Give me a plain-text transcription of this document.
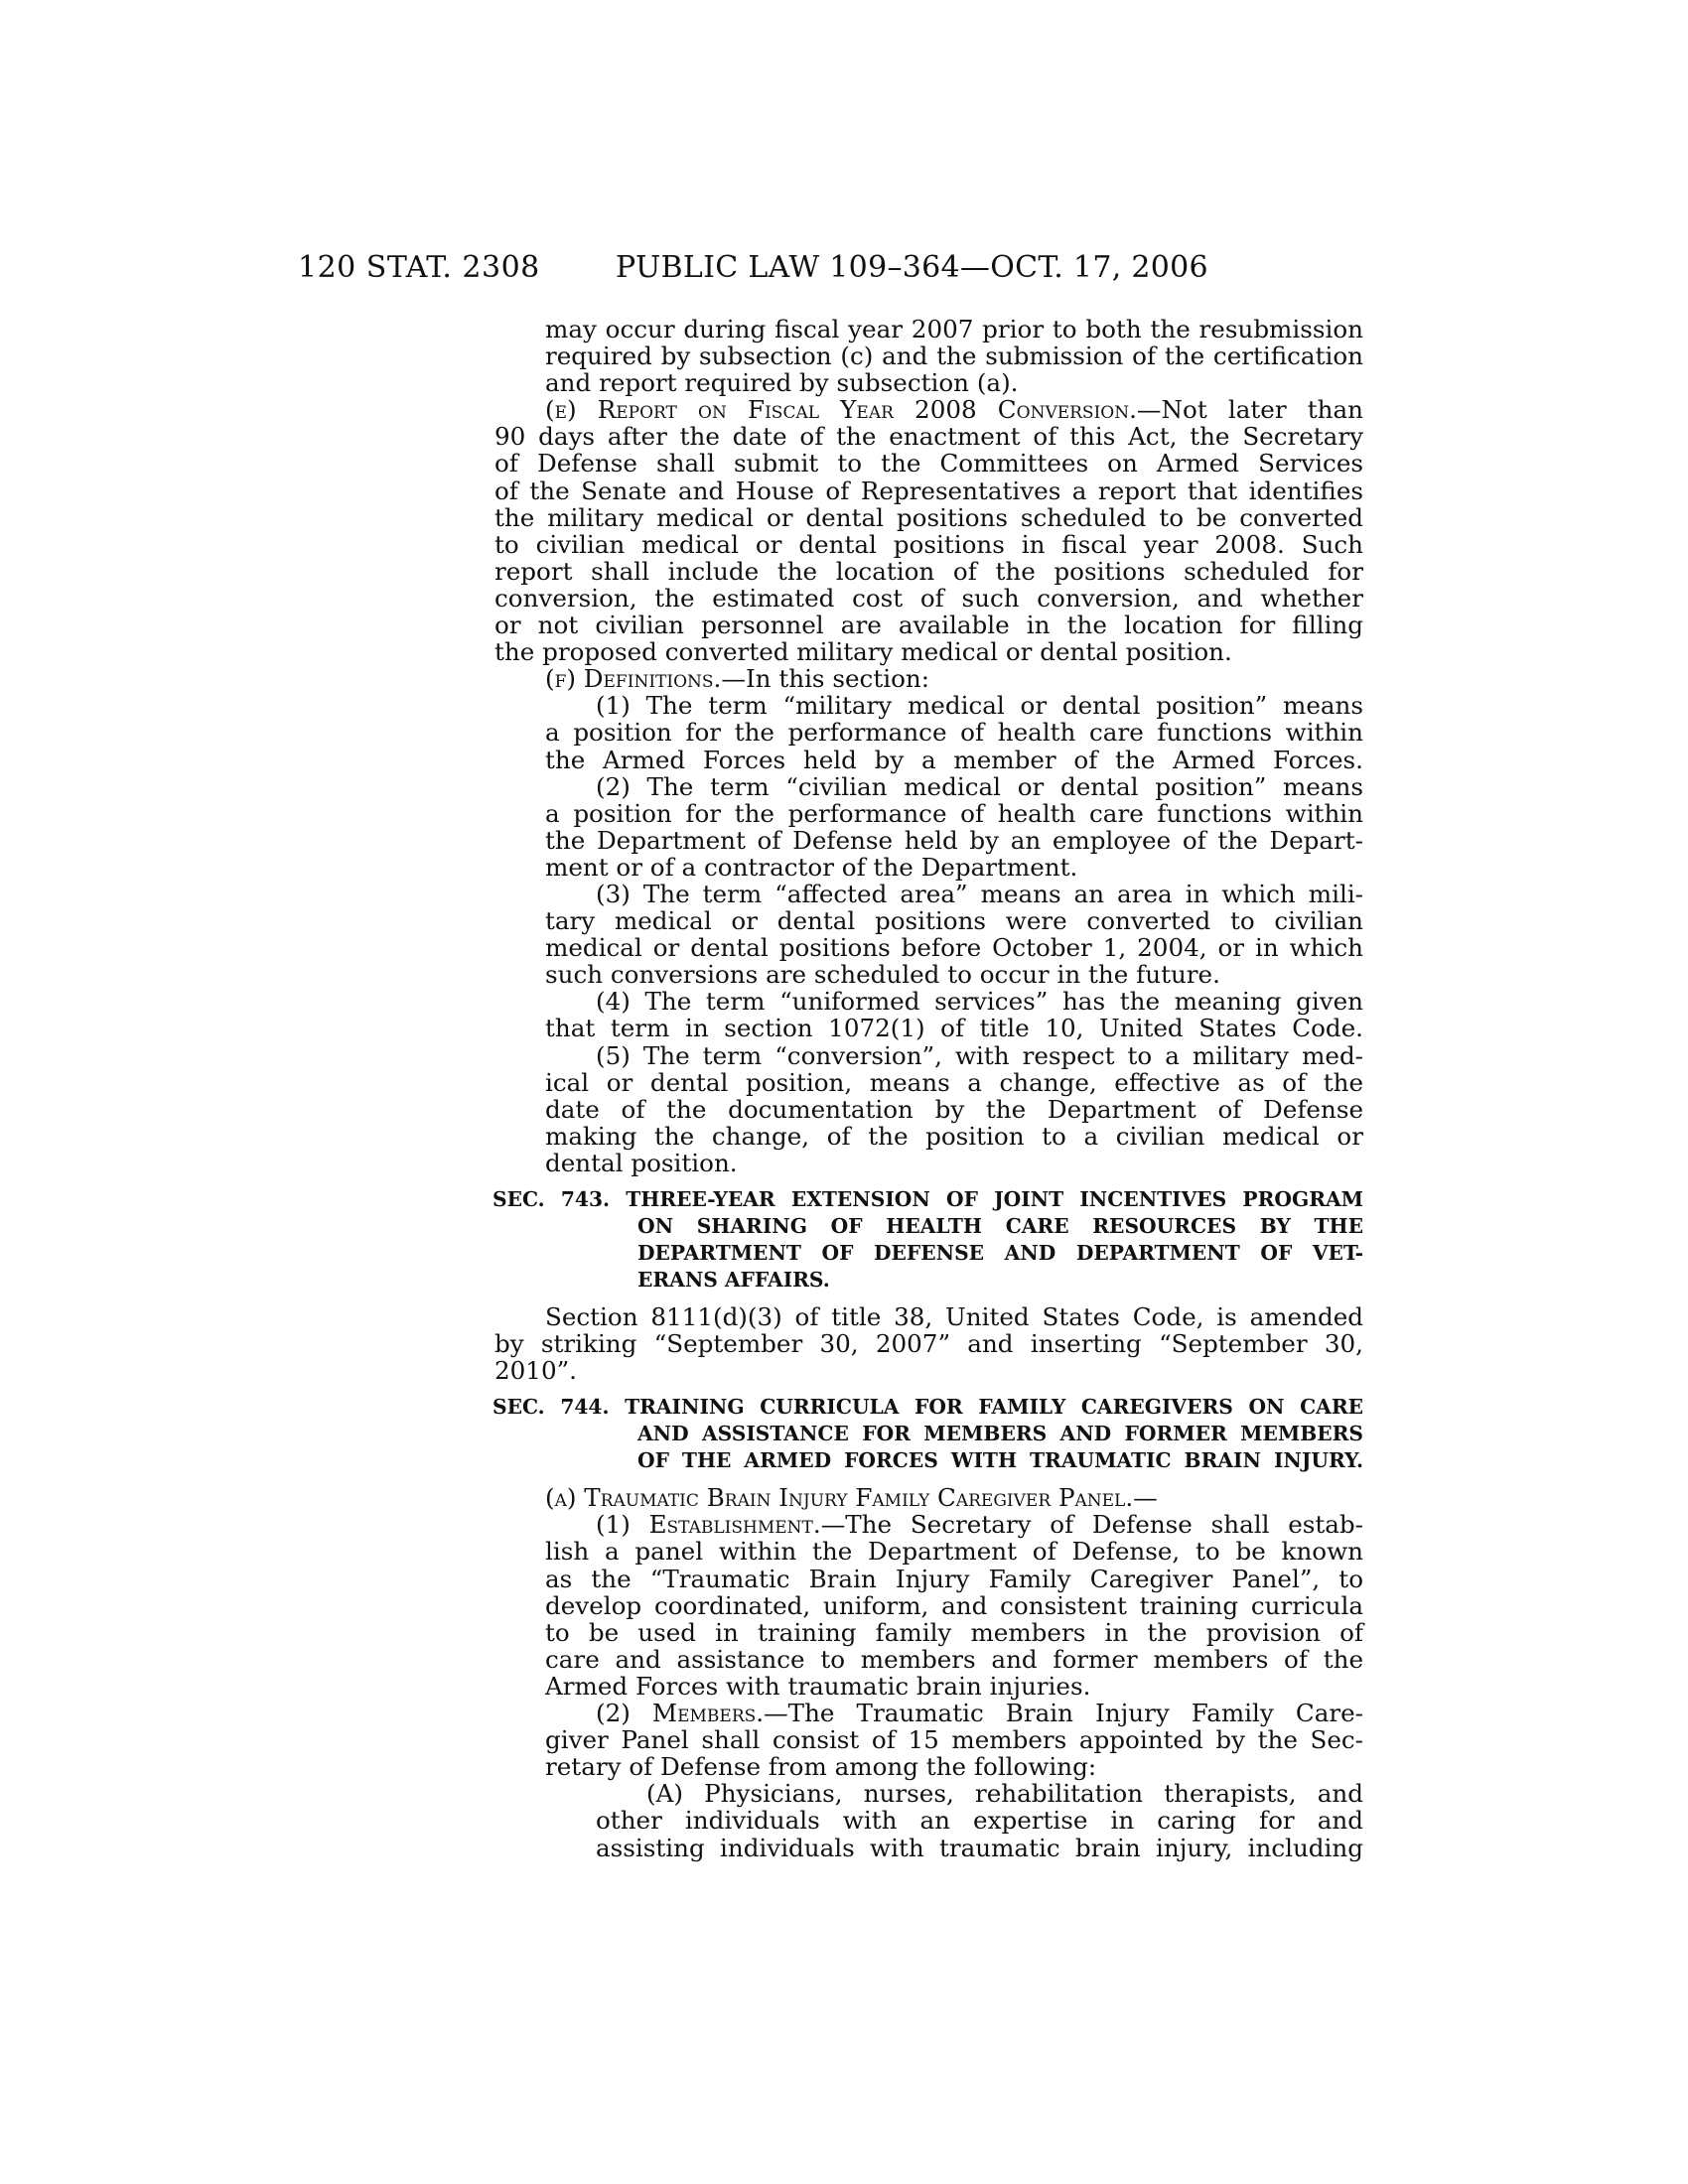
120 STAT. 2308	PUBLIC LAW 109–364—OCT. 17, 2006
may occur during fiscal year 2007 prior to both the resubmission
required by subsection (c) and the submission of the certification
and report required by subsection (a).
(e) Report on Fiscal Year 2008 Conversion.—Not later than
90 days after the date of the enactment of this Act, the Secretary
of Defense shall submit to the Committees on Armed Services
of the Senate and House of Representatives a report that identifies
the military medical or dental positions scheduled to be converted
to civilian medical or dental positions in fiscal year 2008. Such
report shall include the location of the positions scheduled for
conversion, the estimated cost of such conversion, and whether
or not civilian personnel are available in the location for filling
the proposed converted military medical or dental position.
(f) Definitions.—In this section:
(1) The term “military medical or dental position” means
a position for the performance of health care functions within
the Armed Forces held by a member of the Armed Forces.
(2) The term “civilian medical or dental position” means
a position for the performance of health care functions within
the Department of Defense held by an employee of the Depart-
ment or of a contractor of the Department.
(3) The term “affected area” means an area in which mili-
tary medical or dental positions were converted to civilian
medical or dental positions before October 1, 2004, or in which
such conversions are scheduled to occur in the future.
(4) The term “uniformed services” has the meaning given
that term in section 1072(1) of title 10, United States Code.
(5) The term “conversion”, with respect to a military med-
ical or dental position, means a change, effective as of the
date of the documentation by the Department of Defense
making the change, of the position to a civilian medical or
dental position.
SEC. 743. THREE-YEAR EXTENSION OF JOINT INCENTIVES PROGRAM
ON SHARING OF HEALTH CARE RESOURCES BY THE
DEPARTMENT OF DEFENSE AND DEPARTMENT OF VET-
ERANS AFFAIRS.
Section 8111(d)(3) of title 38, United States Code, is amended
by striking “September 30, 2007” and inserting “September 30,
2010”.
SEC. 744. TRAINING CURRICULA FOR FAMILY CAREGIVERS ON CARE
AND ASSISTANCE FOR MEMBERS AND FORMER MEMBERS
OF THE ARMED FORCES WITH TRAUMATIC BRAIN INJURY.
(a) Traumatic Brain Injury Family Caregiver Panel.—
(1) Establishment.—The Secretary of Defense shall estab-
lish a panel within the Department of Defense, to be known
as the “Traumatic Brain Injury Family Caregiver Panel”, to
develop coordinated, uniform, and consistent training curricula
to be used in training family members in the provision of
care and assistance to members and former members of the
Armed Forces with traumatic brain injuries.
(2) Members.—The Traumatic Brain Injury Family Care-
giver Panel shall consist of 15 members appointed by the Sec-
retary of Defense from among the following:
(A) Physicians, nurses, rehabilitation therapists, and
other individuals with an expertise in caring for and
assisting individuals with traumatic brain injury, including
